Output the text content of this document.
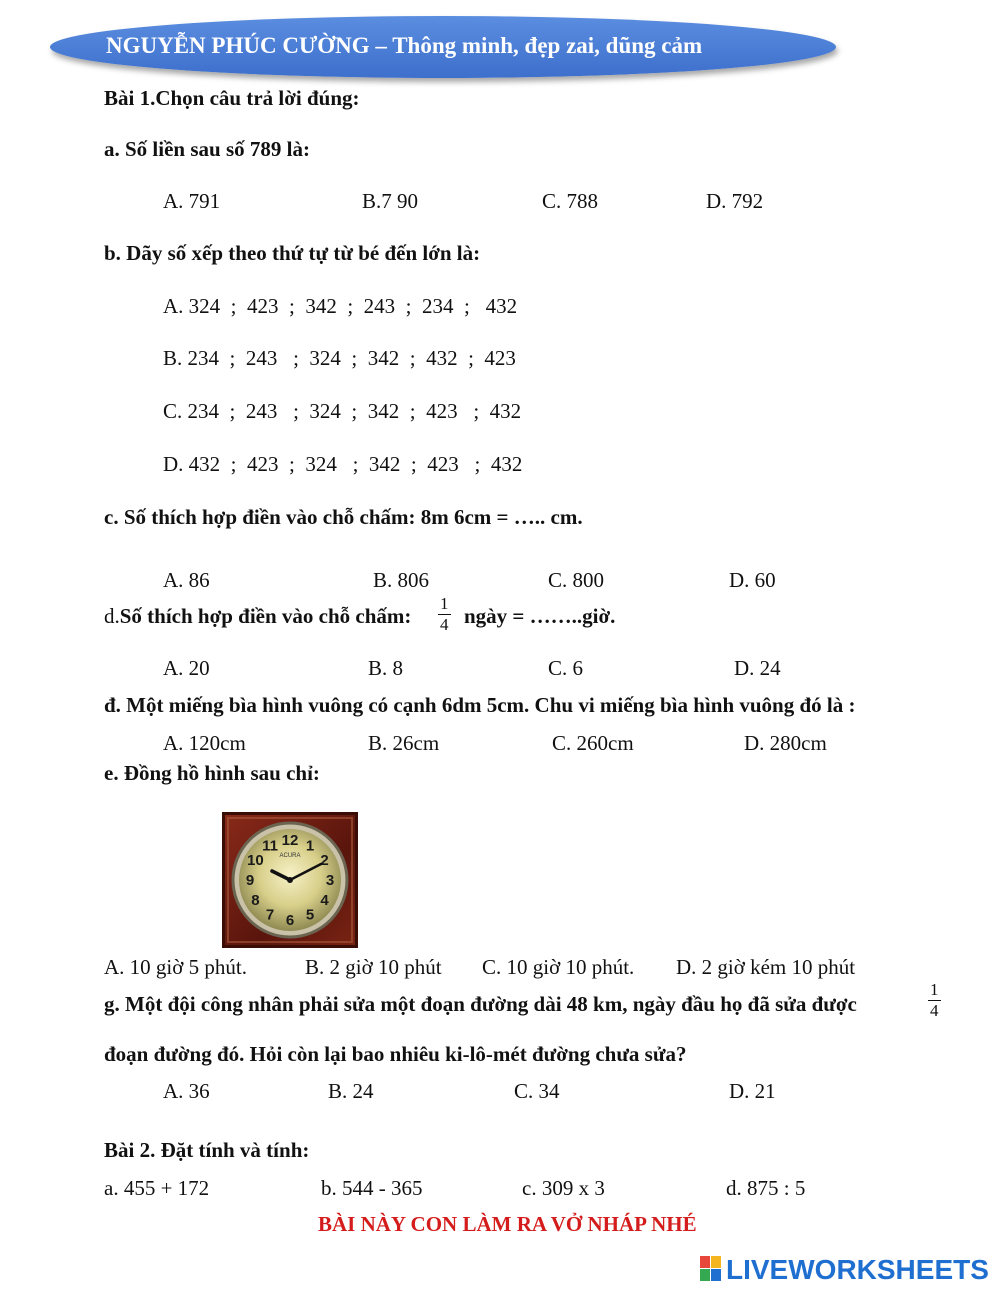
NGUYỄN PHÚC CƯỜNG – Thông minh, đẹp zai, dũng cảm
Bài 1.Chọn câu trả lời đúng:
a. Số liền sau số 789 là:
A. 791	B.7 90	C. 788	D. 792
b. Dãy số xếp theo thứ tự từ bé đến lớn là:
A. 324  ;  423  ;  342  ;  243  ;  234  ;   432
B. 234  ;  243   ;  324  ;  342  ;  432  ;  423
C. 234  ;  243   ;  324  ;  342  ;  423   ;  432
D. 432  ;  423  ;  324   ;  342  ;  423   ;  432
c. Số thích hợp điền vào chỗ chấm: 8m 6cm = ….. cm.
A. 86	B. 806	C. 800	D. 60
d.Số thích hợp điền vào chỗ chấm: $\frac{1}{4}$ ngày = ……..giờ.
A. 20	B. 8	C. 6	D. 24
đ. Một miếng bìa hình vuông có cạnh 6dm 5cm. Chu vi miếng bìa hình vuông đó là :
A. 120cm	B. 26cm	C. 260cm	D. 280cm
e. Đồng hồ hình sau chỉ:
12 1
2
3
4
5
6
7
8
9
10
11
ACURA
A. 10 giờ 5 phút.	B. 2 giờ 10 phút C. 10 giờ 10 phút. D. 2 giờ kém 10 phút
g. Một đội công nhân phải sửa một đoạn đường dài 48 km, ngày đầu họ đã sửa được	$\frac{1}{4}$
đoạn đường đó. Hỏi còn lại bao nhiêu ki-lô-mét đường chưa sửa?
A. 36	B. 24	C. 34	D. 21
Bài 2. Đặt tính và tính:
a. 455 + 172	b. 544 - 365	c. 309 x 3	d. 875 : 5
BÀI NÀY CON LÀM RA VỞ NHÁP NHÉ
LIVEWORKSHEETS
